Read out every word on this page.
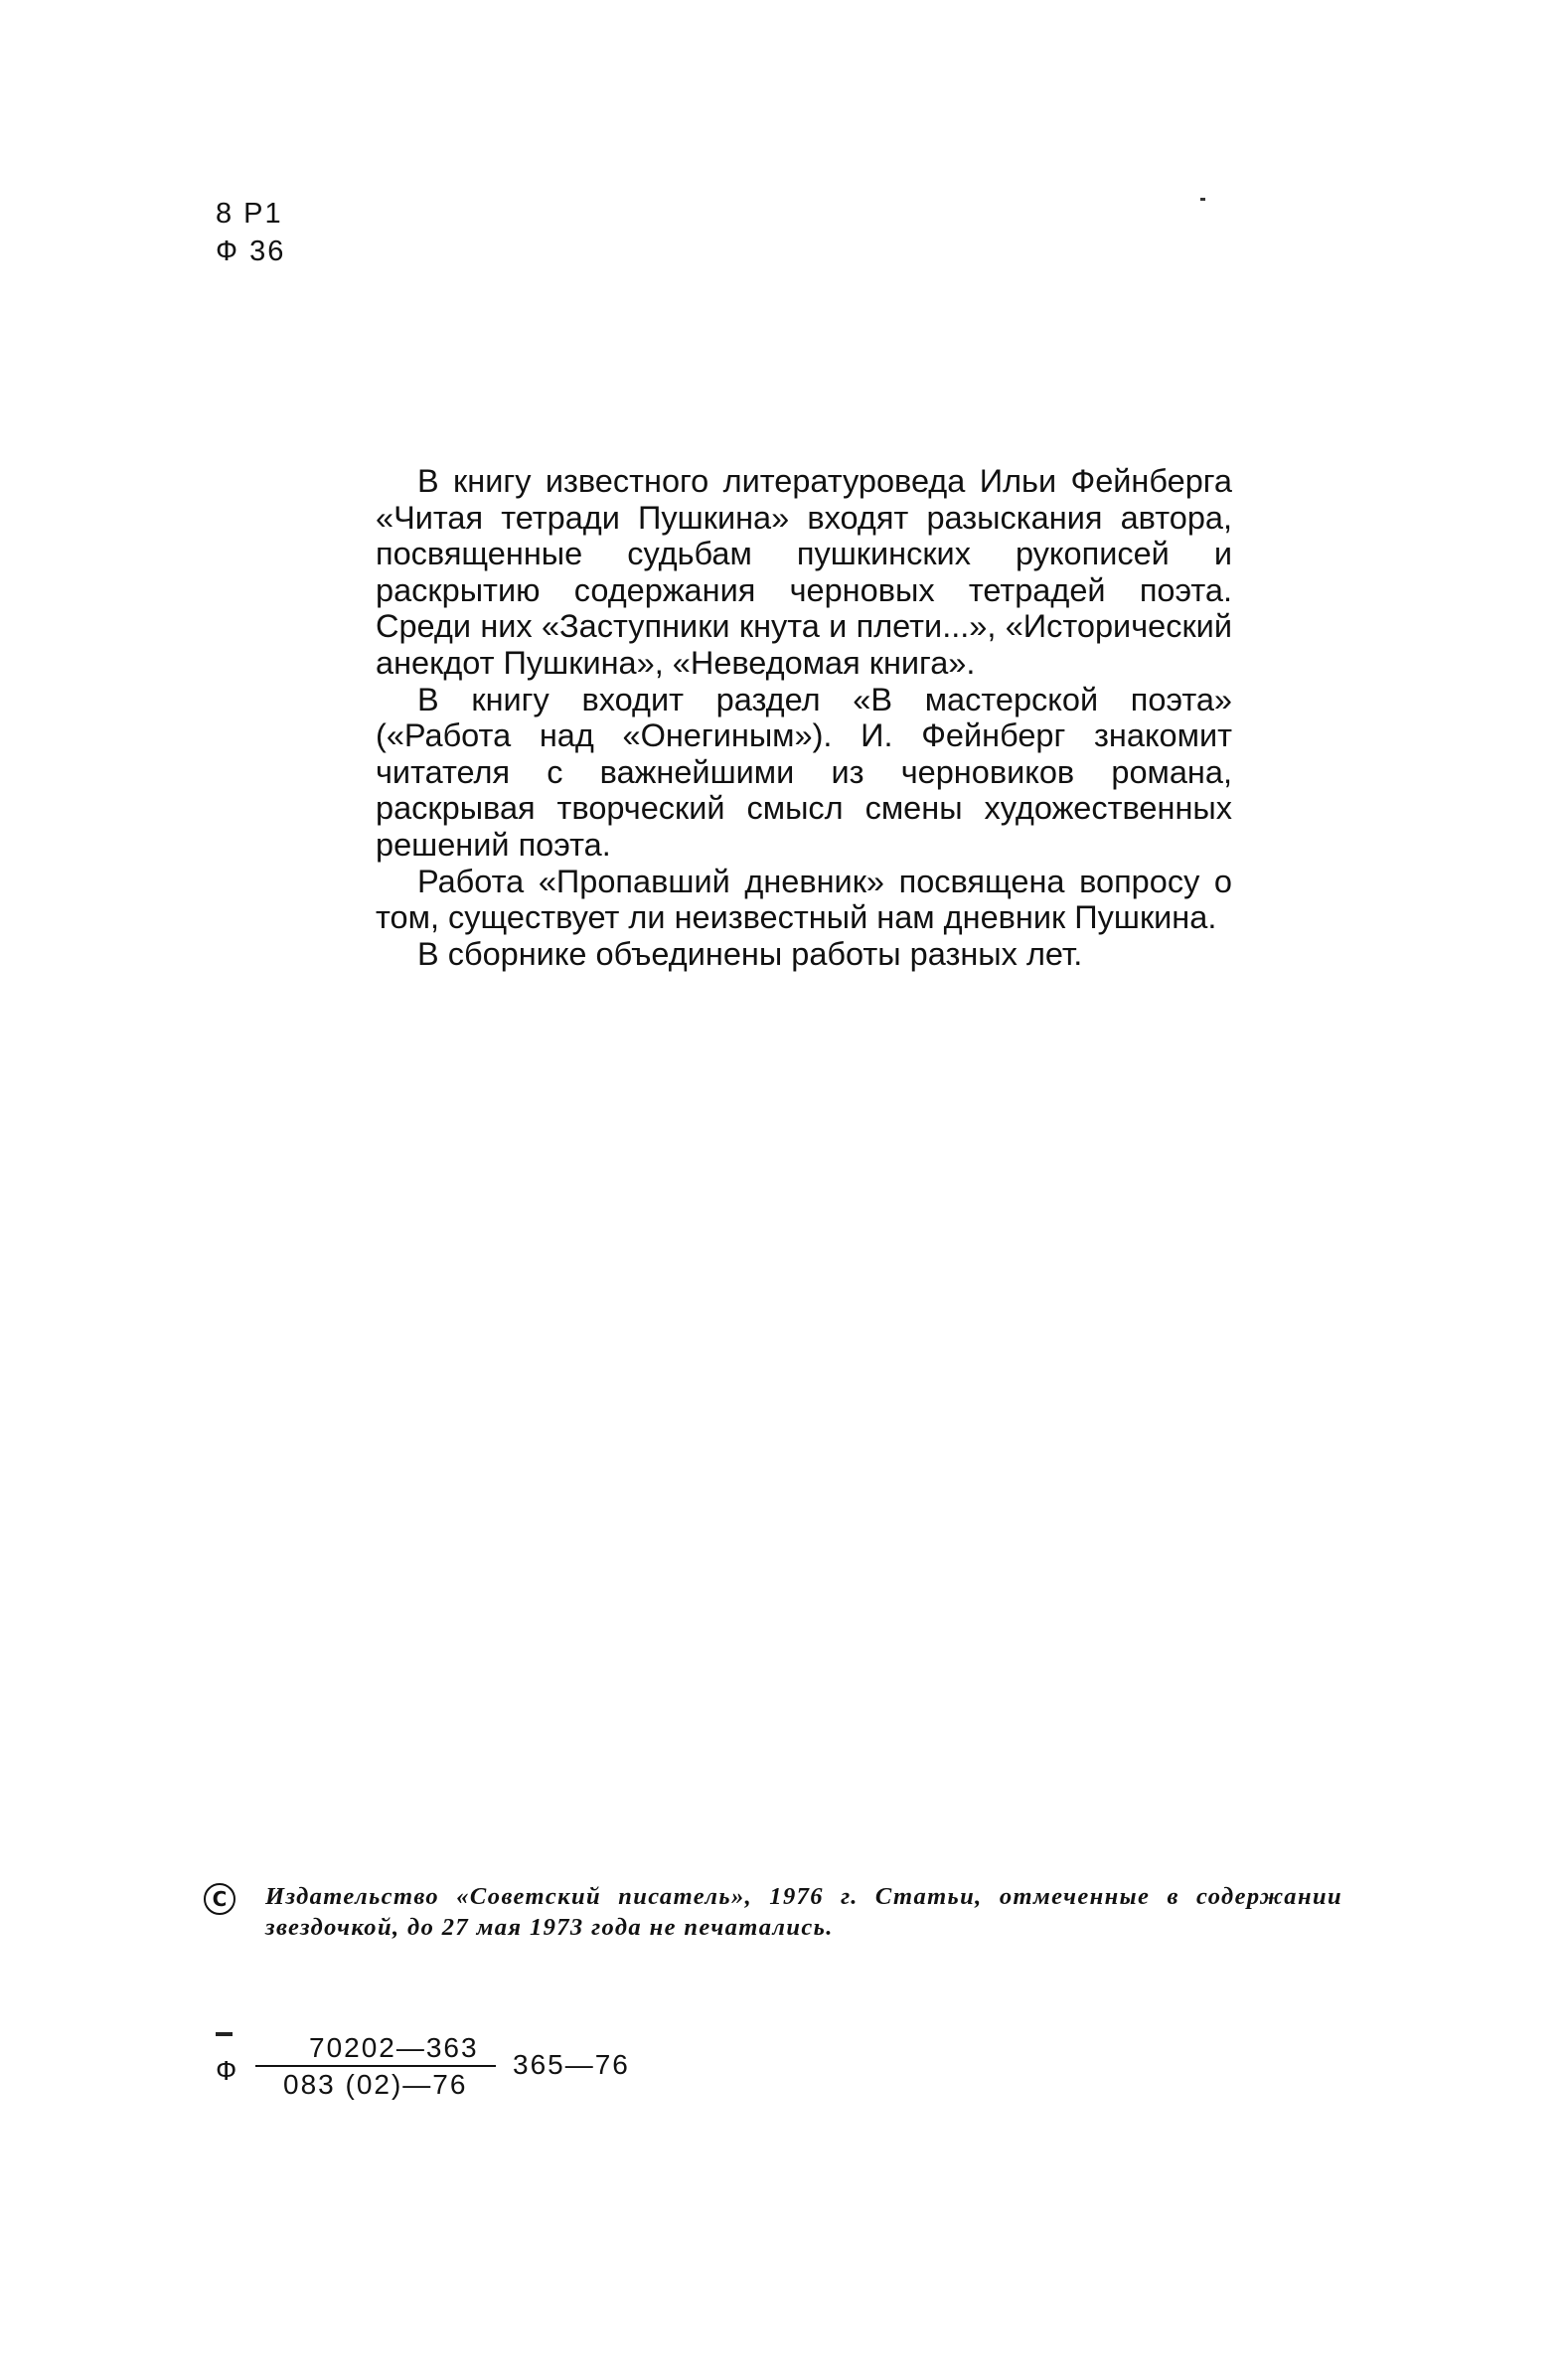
8 Р1
Ф 36

В книгу известного литературоведа Ильи Фейнберга «Читая тетради Пушкина» входят разыскания автора, посвященные судьбам пушкинских рукописей и раскрытию содержания черновых тетрадей поэта. Среди них «Заступники кнута и плети...», «Исторический анекдот Пушкина», «Неведомая книга».

В книгу входит раздел «В мастерской поэта» («Работа над «Онегиным»). И. Фейнберг знакомит читателя с важнейшими из черновиков романа, раскрывая творческий смысл смены художественных решений поэта.

Работа «Пропавший дневник» посвящена вопросу о том, существует ли неизвестный нам дневник Пушкина.

В сборнике объединены работы разных лет.

C	Издательство «Советский писатель», 1976 г. Статьи, отмеченные в содержании звездочкой, до 27 мая 1973 года не печатались.
Ф
70202—363
083 (02)—76
365—76
